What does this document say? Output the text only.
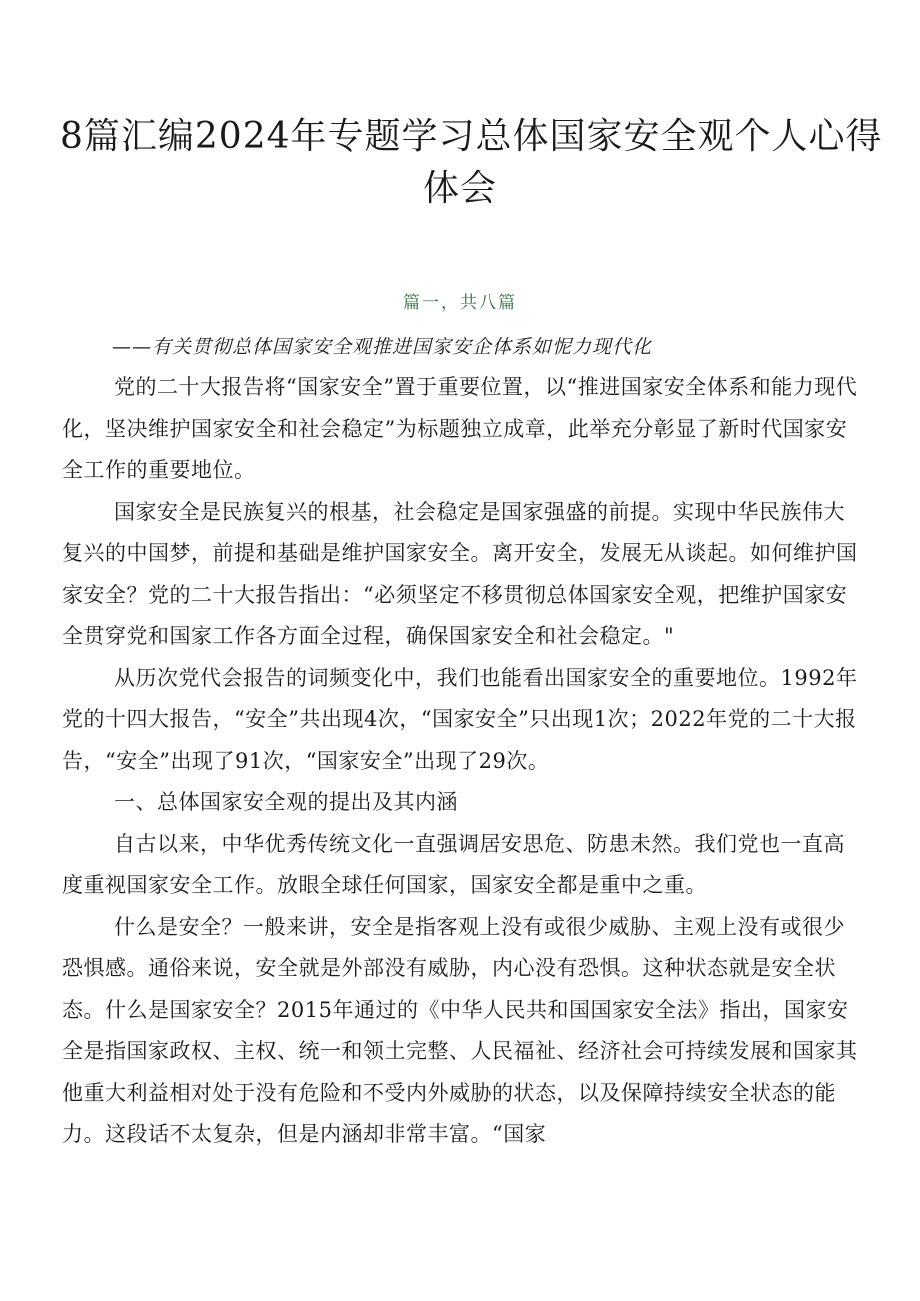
8篇汇编2024年专题学习总体国家安全观个人心得
体会
篇一，共八篇
——有关贯彻总体国家安全观推进国家安企体系如怩力现代化

党的二十大报告将“国家安全”置于重要位置，以“推进国家安全体系和能力现代化，坚决维护国家安全和社会稳定”为标题独立成章，此举充分彰显了新时代国家安全工作的重要地位。

国家安全是民族复兴的根基，社会稳定是国家强盛的前提。实现中华民族伟大复兴的中国梦，前提和基础是维护国家安全。离开安全，发展无从谈起。如何维护国家安全？党的二十大报告指出：“必须坚定不移贯彻总体国家安全观，把维护国家安全贯穿党和国家工作各方面全过程，确保国家安全和社会稳定。"

从历次党代会报告的词频变化中，我们也能看出国家安全的重要地位。1992年党的十四大报告，“安全”共出现4次，“国家安全”只出现1次；2022年党的二十大报告，“安全”出现了91次，“国家安全”出现了29次。

一、总体国家安全观的提出及其内涵

自古以来，中华优秀传统文化一直强调居安思危、防患未然。我们党也一直高度重视国家安全工作。放眼全球任何国家，国家安全都是重中之重。

什么是安全？一般来讲，安全是指客观上没有或很少威胁、主观上没有或很少恐惧感。通俗来说，安全就是外部没有威胁，内心没有恐惧。这种状态就是安全状态。什么是国家安全？2015年通过的《中华人民共和国国家安全法》指出，国家安全是指国家政权、主权、统一和领土完整、人民福祉、经济社会可持续发展和国家其他重大利益相对处于没有危险和不受内外威胁的状态，以及保障持续安全状态的能力。这段话不太复杂，但是内涵却非常丰富。“国家
